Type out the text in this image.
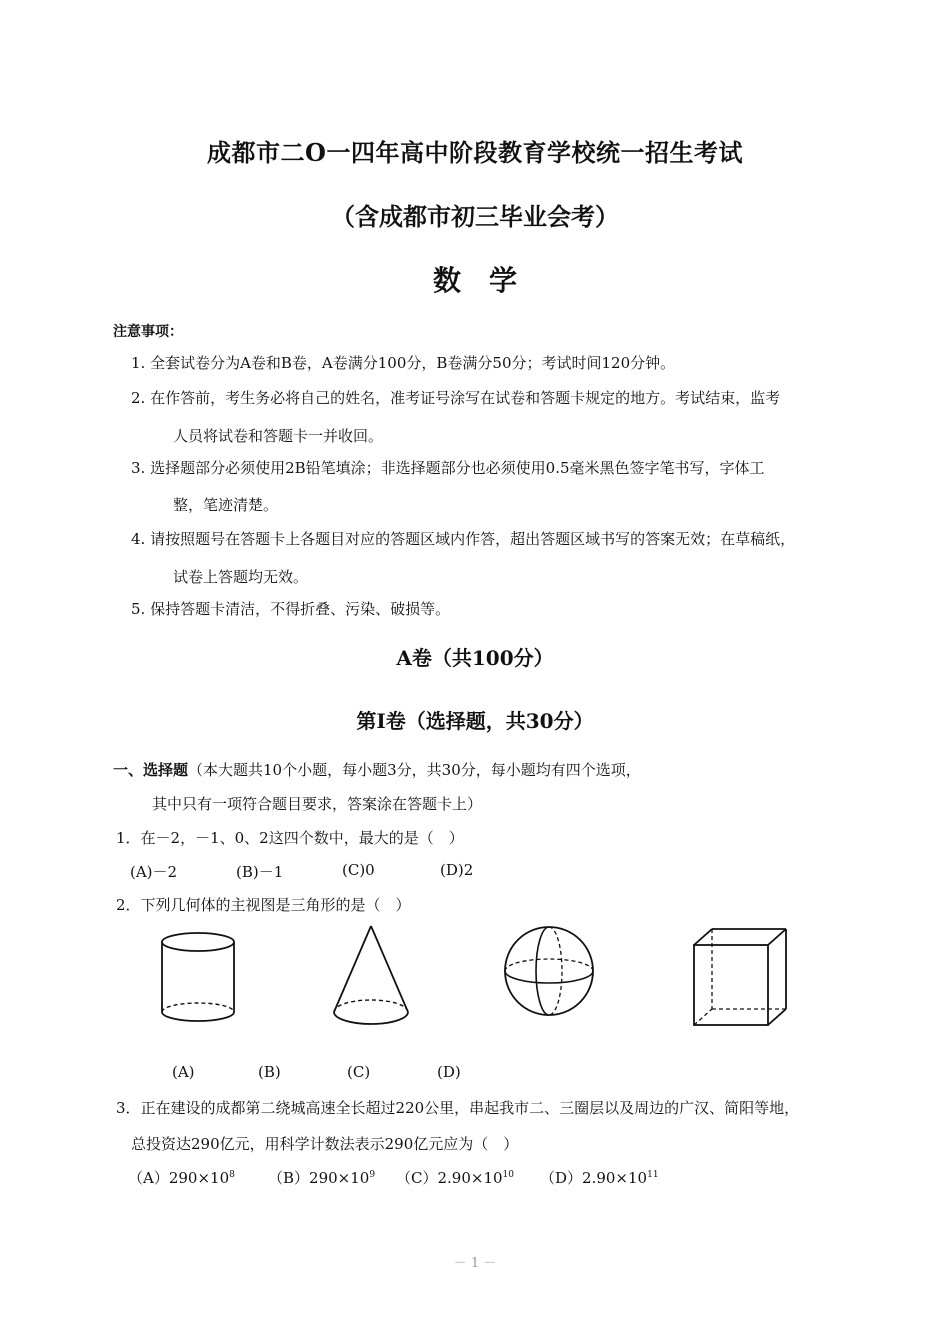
成都市二O一四年高中阶段教育学校统一招生考试
（含成都市初三毕业会考）
数学
注意事项：
1. 全套试卷分为A卷和B卷，A卷满分100分，B卷满分50分；考试时间120分钟。
2. 在作答前，考生务必将自己的姓名，准考证号涂写在试卷和答题卡规定的地方。考试结束，监考
人员将试卷和答题卡一并收回。
3. 选择题部分必须使用2B铅笔填涂；非选择题部分也必须使用0.5毫米黑色签字笔书写，字体工
整，笔迹清楚。
4. 请按照题号在答题卡上各题目对应的答题区域内作答，超出答题区域书写的答案无效；在草稿纸，
试卷上答题均无效。
5. 保持答题卡清洁，不得折叠、污染、破损等。
A卷（共100分）
第I卷（选择题，共30分）
一、选择题（本大题共10个小题，每小题3分，共30分，每小题均有四个选项，
其中只有一项符合题目要求，答案涂在答题卡上）
1．在－2，－1、0、2这四个数中，最大的是（　）
(A)－2	(B)－1	(C)0	(D)2
2．下列几何体的主视图是三角形的是（　）
(A)	(B)	(C)	(D)
3．正在建设的成都第二绕城高速全长超过220公里，串起我市二、三圈层以及周边的广汉、简阳等地，
总投资达290亿元，用科学计数法表示290亿元应为（　）
$(A)290\times 10^8$ $(B)290\times 10^9$ $(C)2.90\times 10^{10}$ $(D)2.90\times 10^{11}$
－ 1 －
